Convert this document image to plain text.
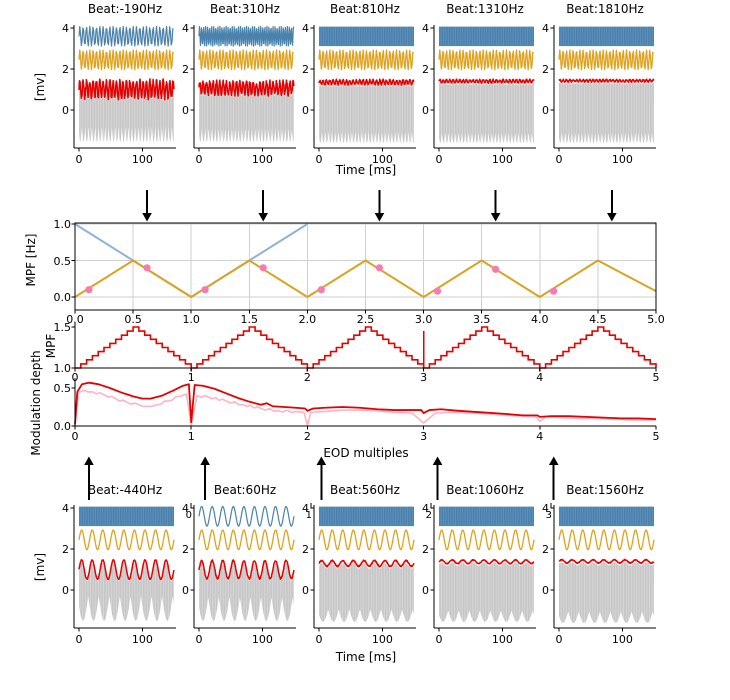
Beat:-190Hz	Beat:310Hz	Beat:810Hz	Beat:1310Hz	Beat:1810Hz
[mv]
Time [ms]
MPF [Hz]
MPF
Modulation depth	EOD multiples
Beat:-440Hz	Beat:60Hz	Beat:560Hz	Beat:1060Hz	Beat:1560Hz
0	1	2	3
Time [ms]
[mv]
4
2
0
0	100
4
2
0
0	100
4
2
0
0	100
4
2
0
0	100
4
2
0
0	100
4
2
0
0	100
4
2
0
0	100
4
2
0
0	100
4
2
0
0	100
4
2
0
0	100
1.0
0.5
0.0
0.0	0.5	1.0	1.5	2.0	2.5	3.0	3.5	4.0	4.5	5.0
1.5
1.0
0	1	2	3	4	5
0.5
0.0
0	1	2	3	4	5
